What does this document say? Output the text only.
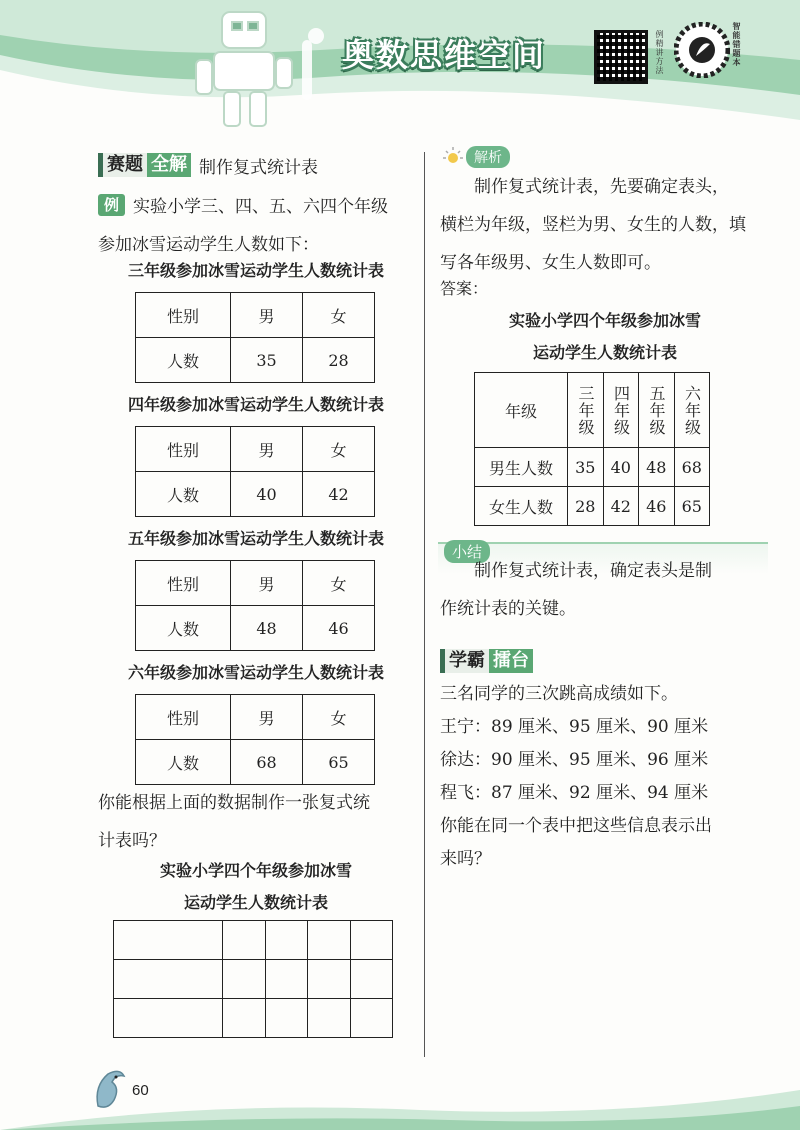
奥数思维空间	例精讲方法	智能错题本
赛题 全解 制作复式统计表
例 实验小学三、四、五、六四个年级
参加冰雪运动学生人数如下：
三年级参加冰雪运动学生人数统计表
性别	男	女
人数	35	28
四年级参加冰雪运动学生人数统计表
性别	男	女
人数	40	42
五年级参加冰雪运动学生人数统计表
性别	男	女
人数	48	46
六年级参加冰雪运动学生人数统计表
性别	男	女
人数	68	65
你能根据上面的数据制作一张复式统
计表吗？
实验小学四个年级参加冰雪
运动学生人数统计表

解析
制作复式统计表，先要确定表头，
横栏为年级，竖栏为男、女生的人数，填
写各年级男、女生人数即可。
答案：
实验小学四个年级参加冰雪
运动学生人数统计表
年级	三年级	四年级	五年级	六年级

男生人数	35	40	48	68
女生人数	28	42	46	65
小结
制作复式统计表，确定表头是制
作统计表的关键。
学霸 擂台
三名同学的三次跳高成绩如下。
王宁：89 厘米、95 厘米、90 厘米
徐达：90 厘米、95 厘米、96 厘米
程飞：87 厘米、92 厘米、94 厘米
你能在同一个表中把这些信息表示出
来吗？
60
